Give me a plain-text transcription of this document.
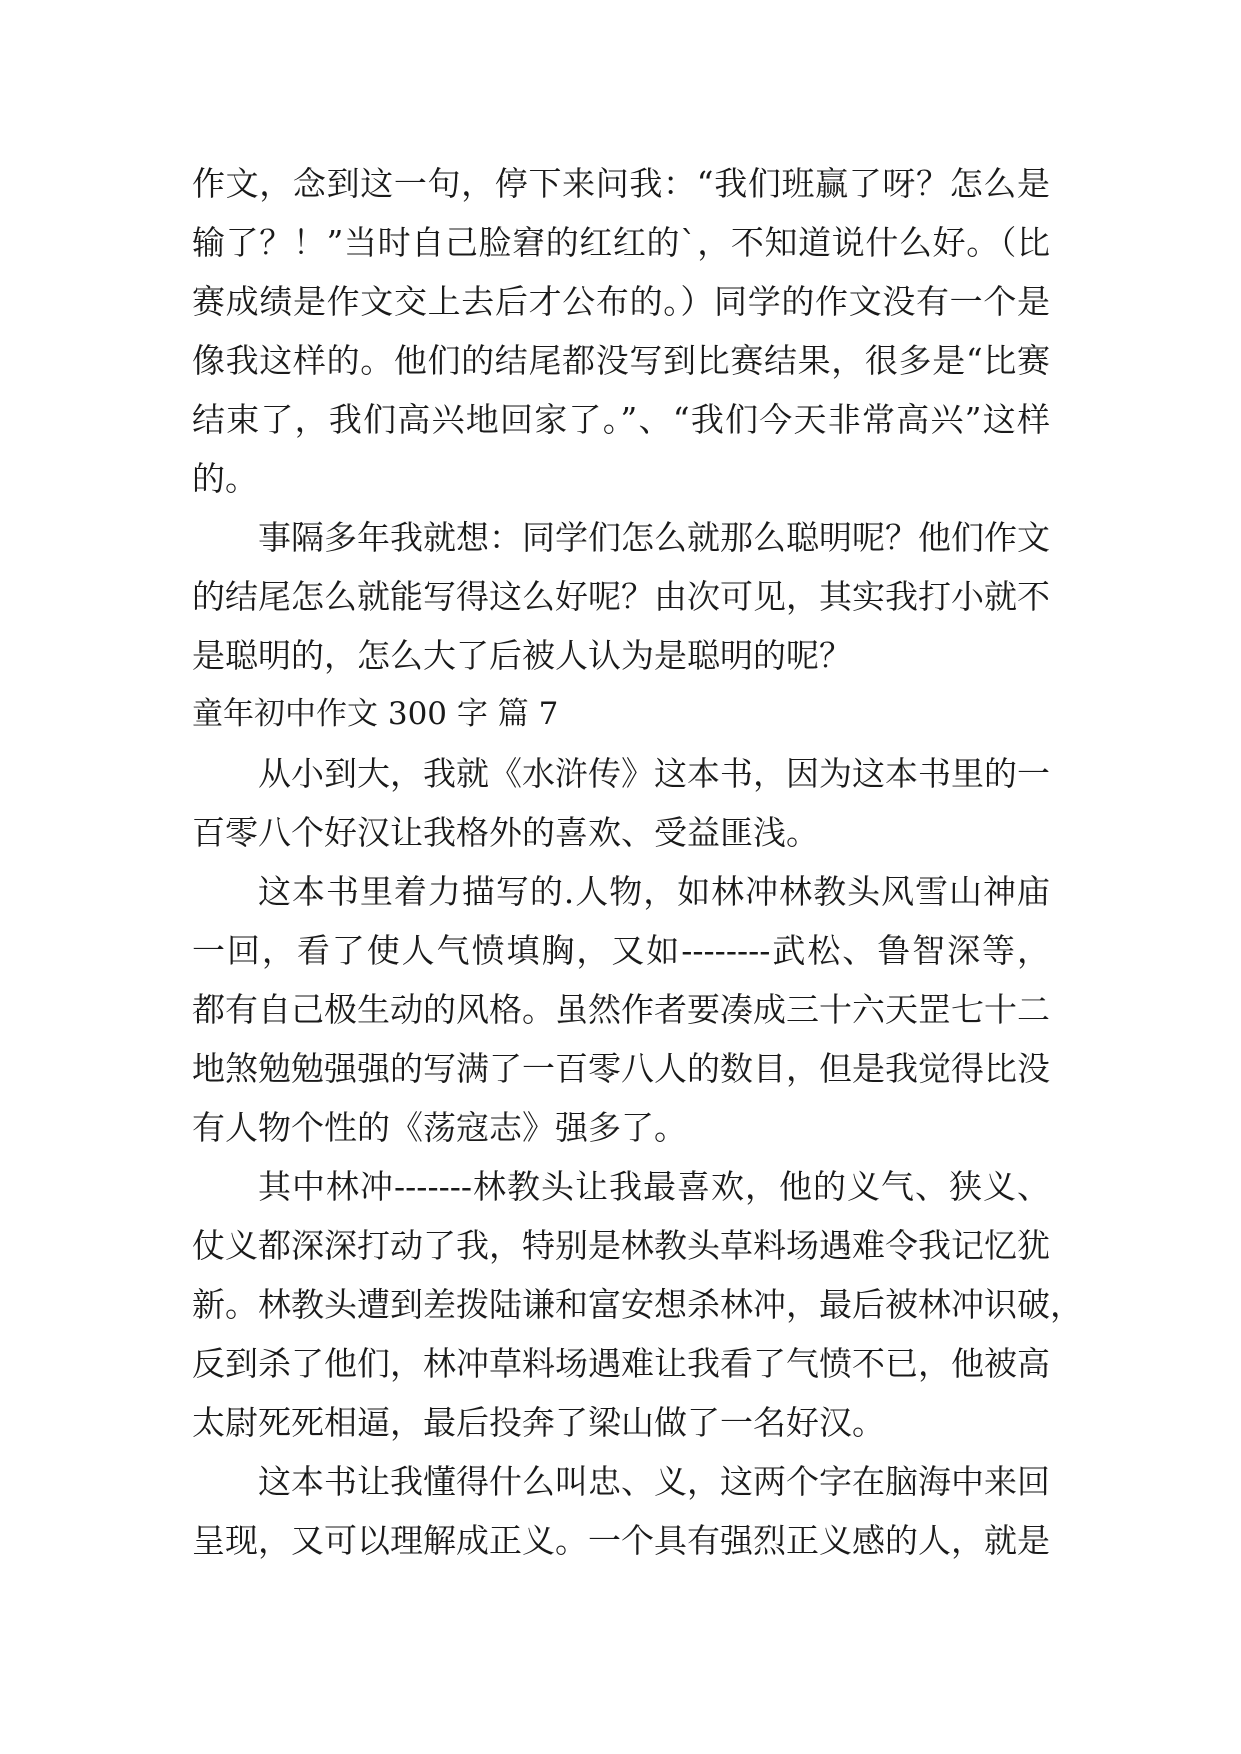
作文，念到这一句，停下来问我：“我们班赢了呀？怎么是
输了？！”当时自己脸窘的红红的`，不知道说什么好。（比
赛成绩是作文交上去后才公布的。）同学的作文没有一个是
像我这样的。他们的结尾都没写到比赛结果，很多是“比赛
结束了，我们高兴地回家了。”、“我们今天非常高兴”这样
的。
事隔多年我就想：同学们怎么就那么聪明呢？他们作文
的结尾怎么就能写得这么好呢？由次可见，其实我打小就不
是聪明的，怎么大了后被人认为是聪明的呢？
童年初中作文 300 字 篇 7
从小到大，我就《水浒传》这本书，因为这本书里的一
百零八个好汉让我格外的喜欢、受益匪浅。
这本书里着力描写的.人物，如林冲林教头风雪山神庙
一回，看了使人气愤填胸，又如--------武松、鲁智深等，
都有自己极生动的风格。虽然作者要凑成三十六天罡七十二
地煞勉勉强强的写满了一百零八人的数目，但是我觉得比没
有人物个性的《荡寇志》强多了。
其中林冲-------林教头让我最喜欢，他的义气、狭义、
仗义都深深打动了我，特别是林教头草料场遇难令我记忆犹
新。林教头遭到差拨陆谦和富安想杀林冲，最后被林冲识破，
反到杀了他们，林冲草料场遇难让我看了气愤不已，他被高
太尉死死相逼，最后投奔了梁山做了一名好汉。
这本书让我懂得什么叫忠、义，这两个字在脑海中来回
呈现，又可以理解成正义。一个具有强烈正义感的人，就是
